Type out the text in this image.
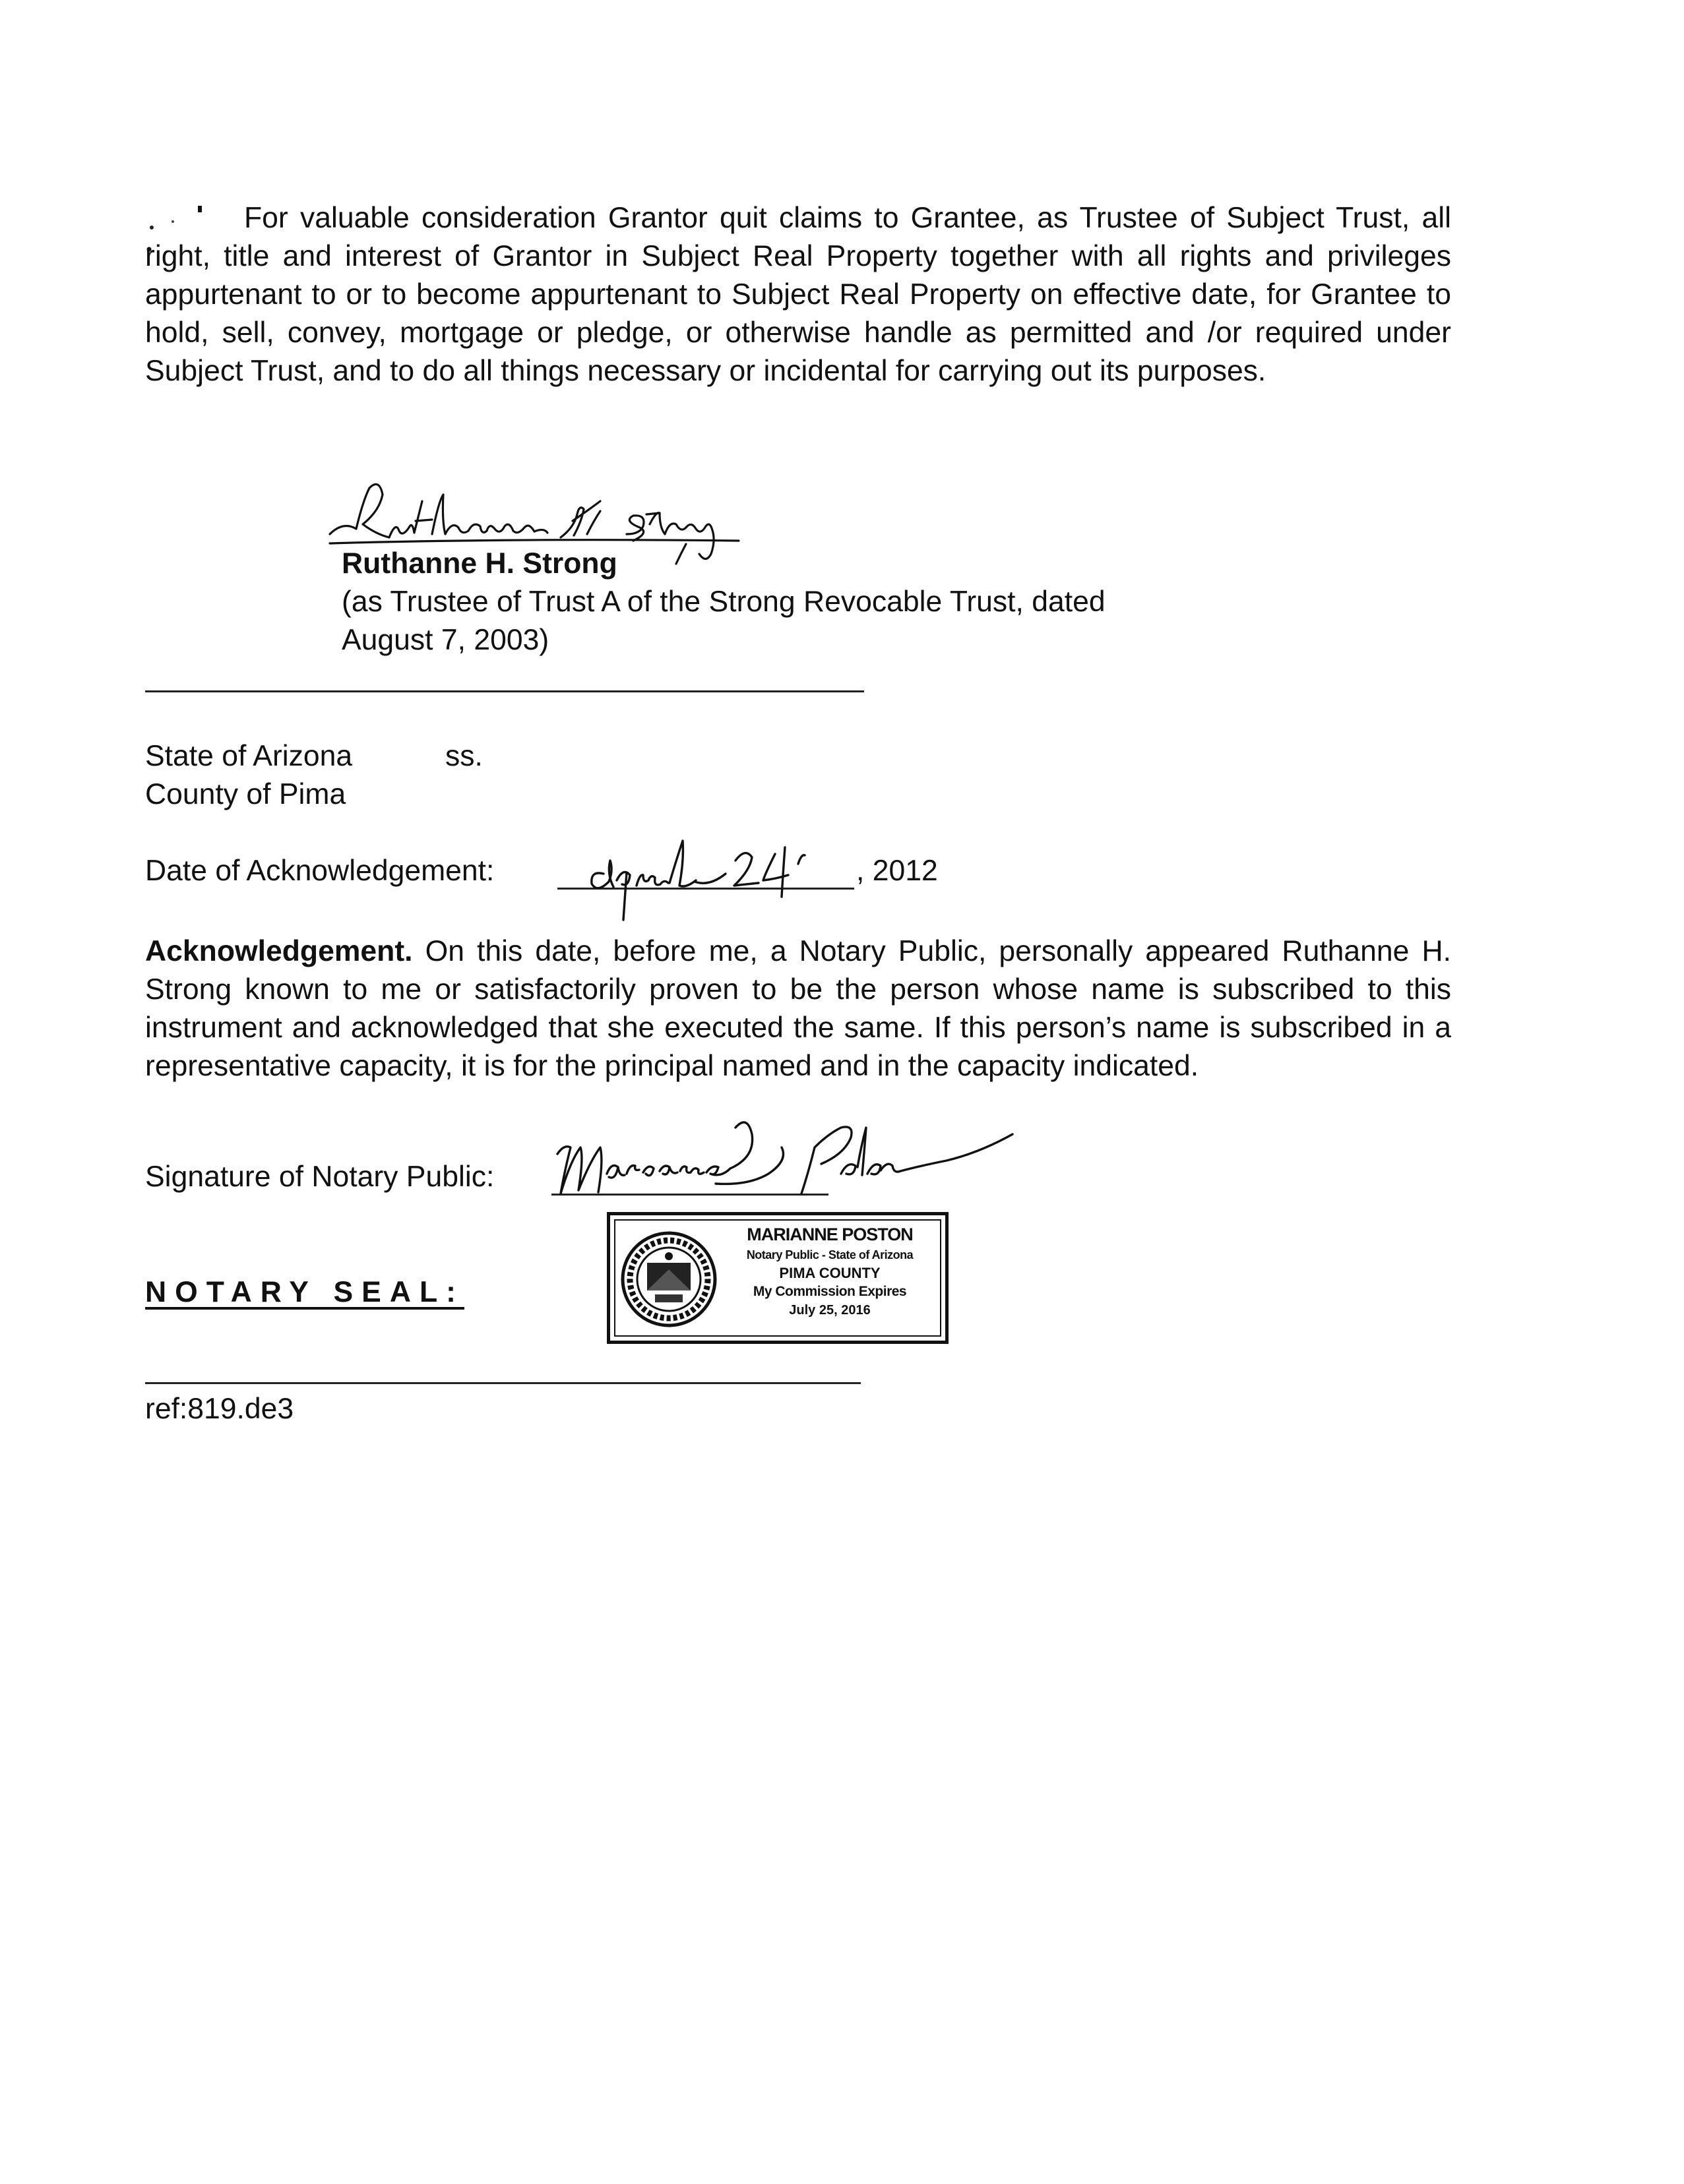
For valuable consideration Grantor quit claims to Grantee, as Trustee of Subject Trust, all right, title and interest of Grantor in Subject Real Property together with all rights and privileges appurtenant to or to become appurtenant to Subject Real Property on effective date, for Grantee to hold, sell, convey, mortgage or pledge, or otherwise handle as permitted and /or required under Subject Trust, and to do all things necessary or incidental for carrying out its purposes.

Ruthanne H. Strong
(as Trustee of Trust A of the Strong Revocable Trust, dated
August 7, 2003)
State of Arizona	ss.
County of Pima
Date of Acknowledgement:	, 2012

Acknowledgement. On this date, before me, a Notary Public, personally appeared Ruthanne H. Strong known to me or satisfactorily proven to be the person whose name is subscribed to this instrument and acknowledged that she executed the same. If this person’s name is subscribed in a representative capacity, it is for the principal named and in the capacity indicated.

Signature of Notary Public:
NOTARY SEAL:
MARIANNE POSTON
Notary Public - State of Arizona
PIMA COUNTY
My Commission Expires
July 25, 2016
ref:819.de3
